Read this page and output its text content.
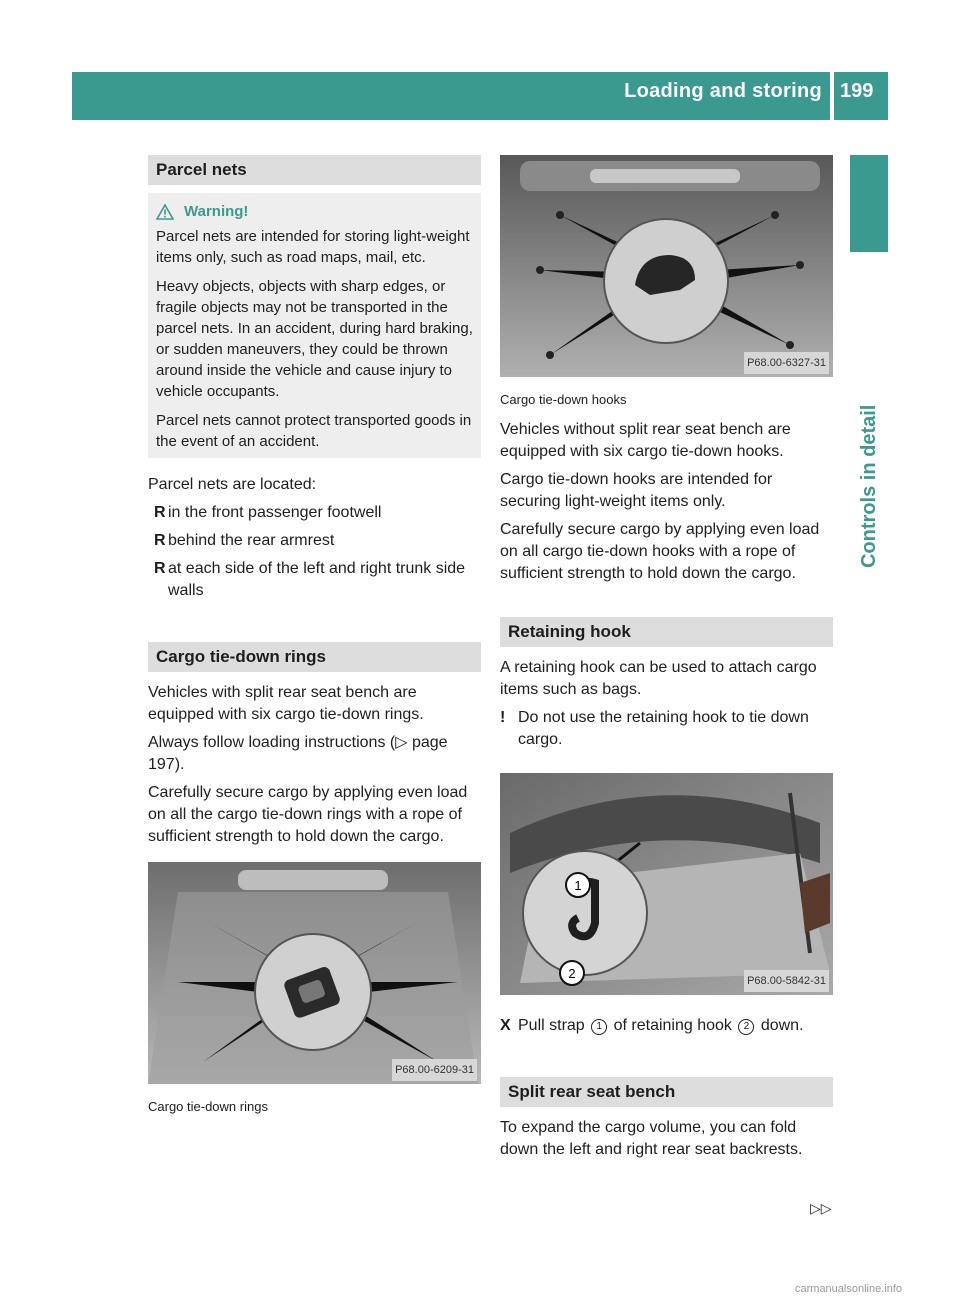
Loading and storing 199
Controls in detail
Parcel nets
Warning!

Parcel nets are intended for storing light-weight items only, such as road maps, mail, etc.

Heavy objects, objects with sharp edges, or fragile objects may not be transported in the parcel nets. In an accident, during hard braking, or sudden maneuvers, they could be thrown around inside the vehicle and cause injury to vehicle occupants.

Parcel nets cannot protect transported goods in the event of an accident.

Parcel nets are located:

R in the front passenger footwell
R behind the rear armrest
R at each side of the left and right trunk side walls
Cargo tie-down rings

Vehicles with split rear seat bench are equipped with six cargo tie-down rings.

Always follow loading instructions (▷ page 197).

Carefully secure cargo by applying even load on all the cargo tie-down rings with a rope of sufficient strength to hold down the cargo.

P68.00-6209-31
Cargo tie-down rings
P68.00-6327-31
Cargo tie-down hooks

Vehicles without split rear seat bench are equipped with six cargo tie-down hooks.

Cargo tie-down hooks are intended for securing light-weight items only.

Carefully secure cargo by applying even load on all cargo tie-down hooks with a rope of sufficient strength to hold down the cargo.

Retaining hook

A retaining hook can be used to attach cargo items such as bags.

! Do not use the retaining hook to tie down cargo.
1
2	P68.00-5842-31
X Pull strap 1 of retaining hook 2 down.
Split rear seat bench

To expand the cargo volume, you can fold down the left and right rear seat backrests.

▷▷
carmanualsonline.info
